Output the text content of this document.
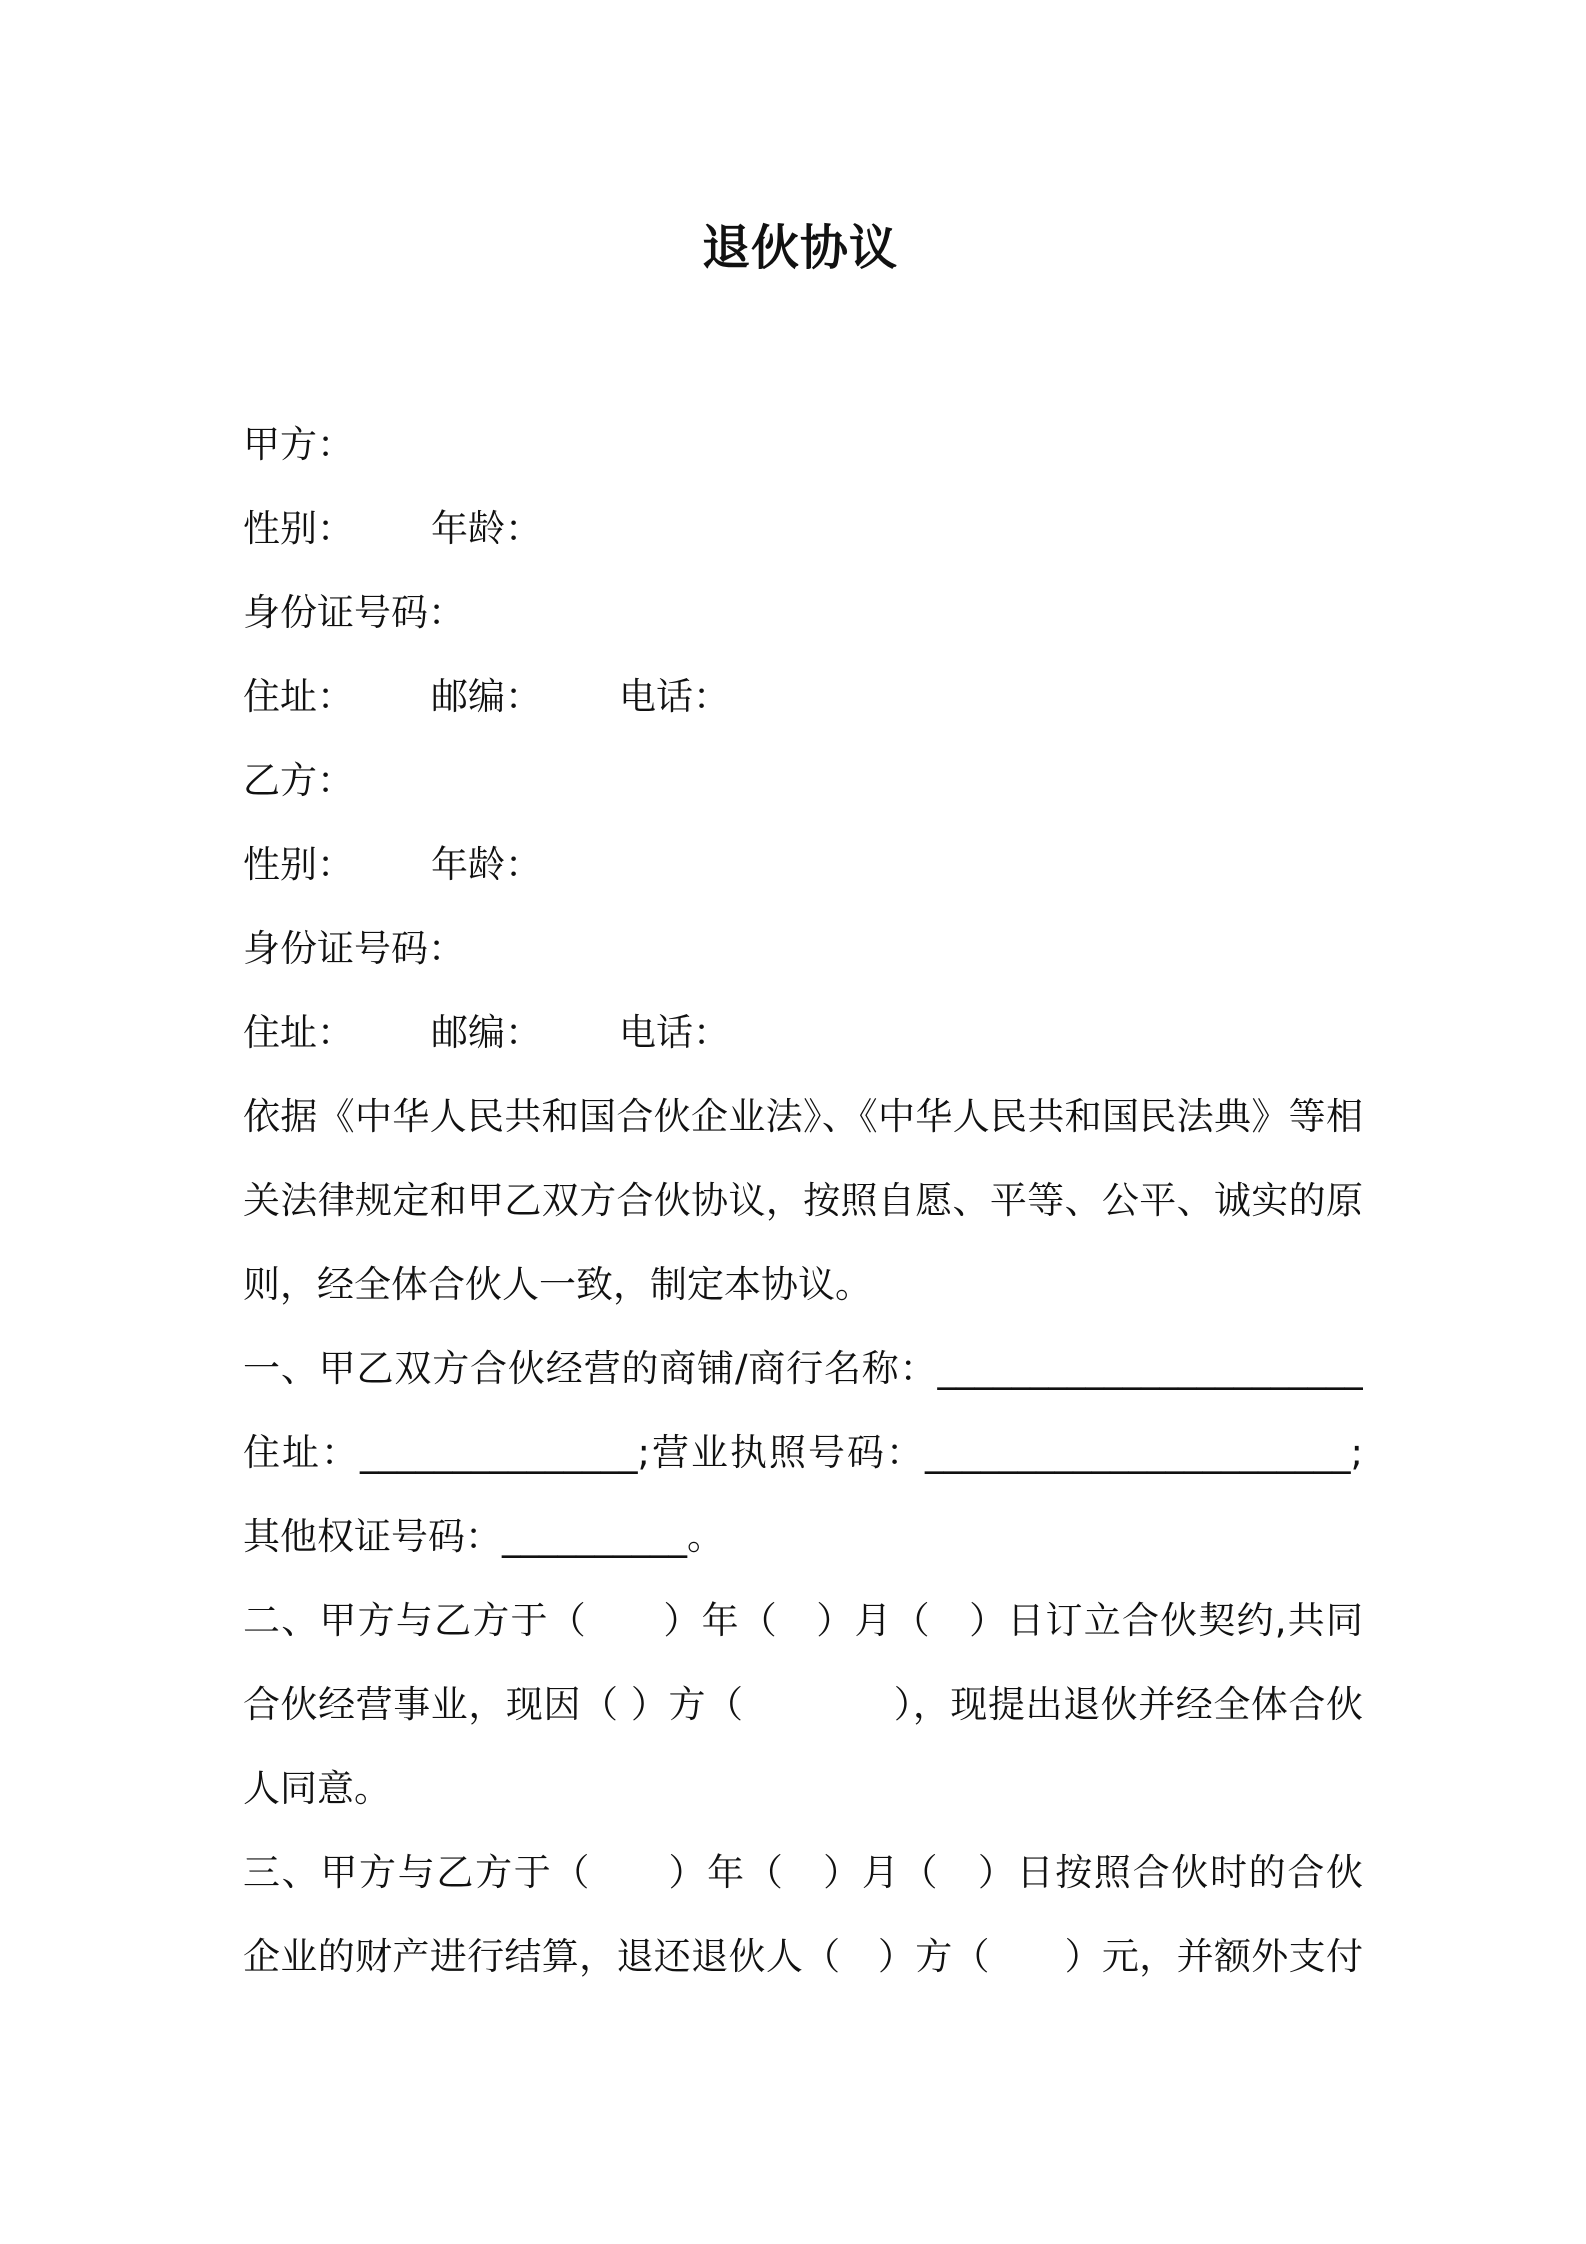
退伙协议
甲方：
性别： 年龄：
身份证号码：
住址： 邮编： 电话：
乙方：
性别： 年龄：
身份证号码：
住址： 邮编： 电话：
依据《中华人民共和国合伙企业法》、《中华人民共和国民法典》等相
关法律规定和甲乙双方合伙协议，按照自愿、平等、公平、诚实的原
则，经全体合伙人一致，制定本协议。
一、甲乙双方合伙经营的商铺/商行名称：_______________________
住址：_______________;营业执照号码：_______________________;
其他权证号码：__________。
二、甲方与乙方于（　　）年（　）月（　）日订立合伙契约,共同
合伙经营事业，现因（ ）方（　　　　），现提出退伙并经全体合伙
人同意。
三、甲方与乙方于（　　）年（　）月（　）日按照合伙时的合伙
企业的财产进行结算，退还退伙人（　）方（　　）元，并额外支付
